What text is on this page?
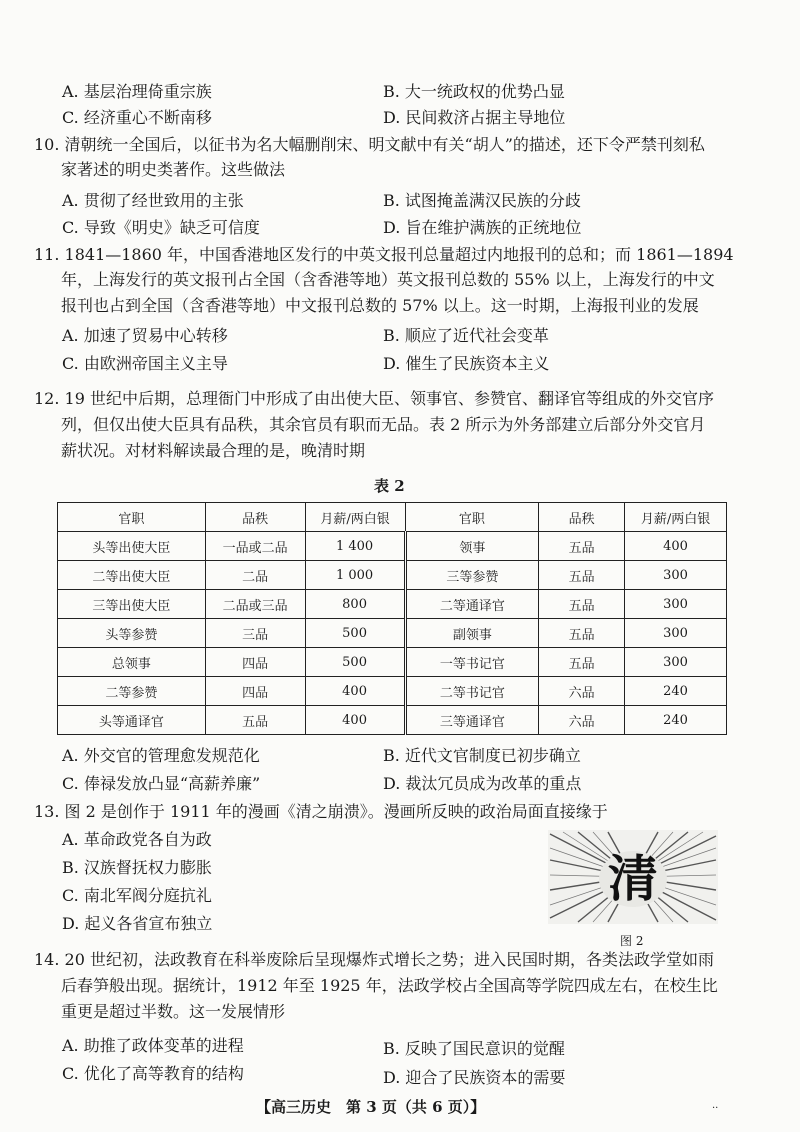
A. 基层治理倚重宗族	B. 大一统政权的优势凸显
C. 经济重心不断南移	D. 民间救济占据主导地位
10. 清朝统一全国后，以征书为名大幅删削宋、明文献中有关“胡人”的描述，还下令严禁刊刻私
家著述的明史类著作。这些做法
A. 贯彻了经世致用的主张	B. 试图掩盖满汉民族的分歧
C. 导致《明史》缺乏可信度	D. 旨在维护满族的正统地位
11. 1841—1860 年，中国香港地区发行的中英文报刊总量超过内地报刊的总和；而 1861—1894
年，上海发行的英文报刊占全国（含香港等地）英文报刊总数的 55% 以上，上海发行的中文
报刊也占到全国（含香港等地）中文报刊总数的 57% 以上。这一时期，上海报刊业的发展
A. 加速了贸易中心转移	B. 顺应了近代社会变革
C. 由欧洲帝国主义主导	D. 催生了民族资本主义
12. 19 世纪中后期，总理衙门中形成了由出使大臣、领事官、参赞官、翻译官等组成的外交官序
列，但仅出使大臣具有品秩，其余官员有职而无品。表 2 所示为外务部建立后部分外交官月
薪状况。对材料解读最合理的是，晚清时期
表 2
官职	品秩	月薪/两白银	官职	品秩	月薪/两白银
头等出使大臣	一品或二品	1 400	领事	五品	400
二等出使大臣	二品	1 000	三等参赞	五品	300
三等出使大臣	二品或三品	800	二等通译官	五品	300
头等参赞	三品	500	副领事	五品	300
总领事	四品	500	一等书记官	五品	300
二等参赞	四品	400	二等书记官	六品	240
头等通译官	五品	400	三等通译官	六品	240
A. 外交官的管理愈发规范化	B. 近代文官制度已初步确立
C. 俸禄发放凸显“高薪养廉”	D. 裁汰冗员成为改革的重点
13. 图 2 是创作于 1911 年的漫画《清之崩溃》。漫画所反映的政治局面直接缘于
A. 革命政党各自为政
B. 汉族督抚权力膨胀
C. 南北军阀分庭抗礼
D. 起义各省宣布独立
清
图 2
14. 20 世纪初，法政教育在科举废除后呈现爆炸式增长之势；进入民国时期，各类法政学堂如雨
后春笋般出现。据统计，1912 年至 1925 年，法政学校占全国高等学院四成左右，在校生比
重更是超过半数。这一发展情形
A. 助推了政体变革的进程	B. 反映了国民意识的觉醒
C. 优化了高等教育的结构	D. 迎合了民族资本的需要
【高三历史　第 3 页（共 6 页）】	..
